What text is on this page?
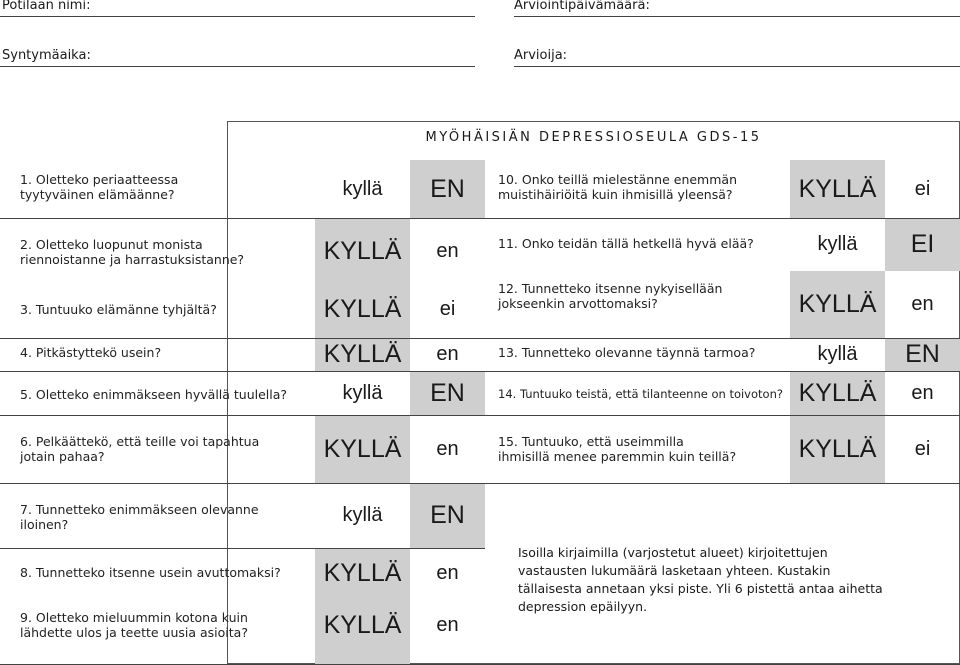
Potilaan nimi:	Arviointipäivämäärä:
Syntymäaika:	Arvioija:
MYÖHÄISIÄN DEPRESSIOSEULA GDS-15
1. Oletteko periaatteessa tyytyväinen elämäänne?	kyllä	EN
2. Oletteko luopunut monista riennoistanne ja harrastuksistanne?	KYLLÄ	en
3. Tuntuuko elämänne tyhjältä?	KYLLÄ	ei
4. Pitkästyttekö usein?	KYLLÄ	en
5. Oletteko enimmäkseen hyvällä tuulella?	kyllä	EN
6. Pelkäättekö, että teille voi tapahtua jotain pahaa?	KYLLÄ	en
7. Tunnetteko enimmäkseen olevanne iloinen?	kyllä	EN
8. Tunnetteko itsenne usein avuttomaksi?	KYLLÄ	en
9. Oletteko mieluummin kotona kuin lähdette ulos ja teette uusia asioita?	KYLLÄ	en
10. Onko teillä mielestänne enemmän muistihäiriöitä kuin ihmisillä yleensä?	KYLLÄ	ei
11. Onko teidän tällä hetkellä hyvä elää?	kyllä	EI
12. Tunnetteko itsenne nykyisellään jokseenkin arvottomaksi?	KYLLÄ	en
13. Tunnetteko olevanne täynnä tarmoa?	kyllä	EN
14. Tuntuuko teistä, että tilanteenne on toivoton? KYLLÄ	en
15. Tuntuuko, että useimmilla ihmisillä menee paremmin kuin teillä?	KYLLÄ	ei
Isoilla kirjaimilla (varjostetut alueet) kirjoitettujen vastausten lukumäärä lasketaan yhteen. Kustakin tällaisesta annetaan yksi piste. Yli 6 pistettä antaa aihetta depression epäilyyn.
